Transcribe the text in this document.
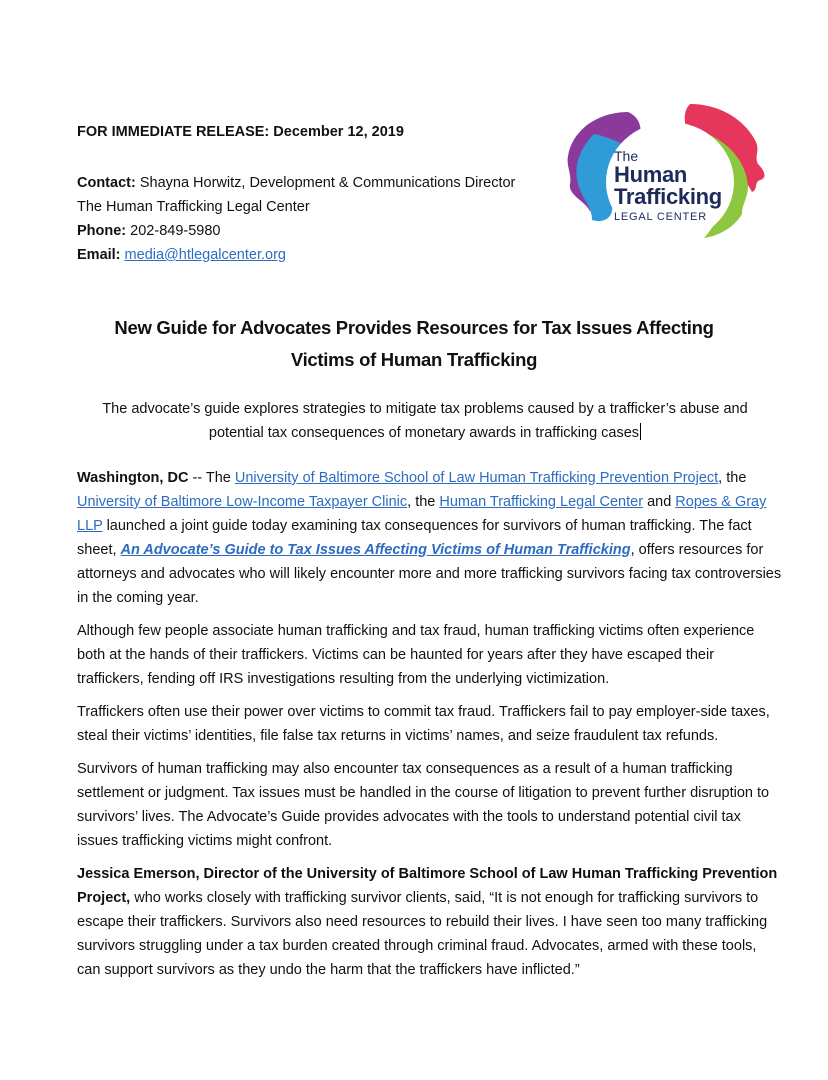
FOR IMMEDIATE RELEASE: December 12, 2019
Contact: Shayna Horwitz, Development & Communications Director
The Human Trafficking Legal Center
Phone: 202-849-5980
Email: media@htlegalcenter.org
The
Human
Trafficking
LEGAL CENTER
New Guide for Advocates Provides Resources for Tax Issues Affecting
Victims of Human Trafficking
The advocate’s guide explores strategies to mitigate tax problems caused by a trafficker’s abuse and
potential tax consequences of monetary awards in trafficking cases

Washington, DC -- The University of Baltimore School of Law Human Trafficking Prevention Project, the University of Baltimore Low-Income Taxpayer Clinic, the Human Trafficking Legal Center and Ropes & Gray LLP launched a joint guide today examining tax consequences for survivors of human trafficking. The fact sheet, An Advocate’s Guide to Tax Issues Affecting Victims of Human Trafficking, offers resources for attorneys and advocates who will likely encounter more and more trafficking survivors facing tax controversies in the coming year.

Although few people associate human trafficking and tax fraud, human trafficking victims often experience both at the hands of their traffickers. Victims can be haunted for years after they have escaped their traffickers, fending off IRS investigations resulting from the underlying victimization.

Traffickers often use their power over victims to commit tax fraud. Traffickers fail to pay employer-side taxes, steal their victims’ identities, file false tax returns in victims’ names, and seize fraudulent tax refunds.

Survivors of human trafficking may also encounter tax consequences as a result of a human trafficking settlement or judgment. Tax issues must be handled in the course of litigation to prevent further disruption to survivors’ lives. The Advocate’s Guide provides advocates with the tools to understand potential civil tax issues trafficking victims might confront.

Jessica Emerson, Director of the University of Baltimore School of Law Human Trafficking Prevention Project, who works closely with trafficking survivor clients, said, “It is not enough for trafficking survivors to escape their traffickers. Survivors also need resources to rebuild their lives. I have seen too many trafficking survivors struggling under a tax burden created through criminal fraud. Advocates, armed with these tools, can support survivors as they undo the harm that the traffickers have inflicted.”
